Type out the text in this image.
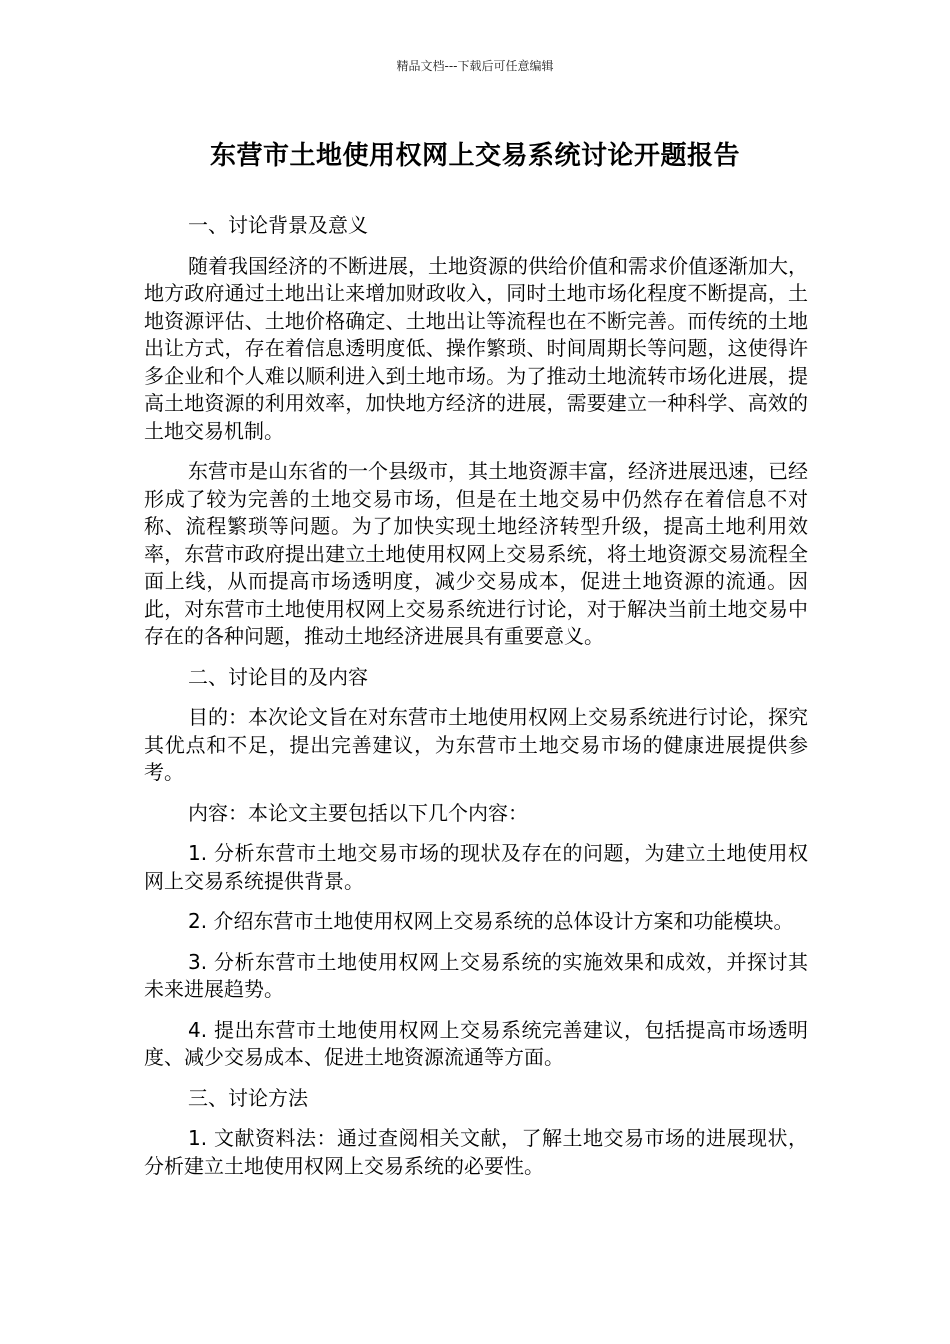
精品文档---下载后可任意编辑
东营市土地使用权网上交易系统讨论开题报告

一、讨论背景及意义

随着我国经济的不断进展，土地资源的供给价值和需求价值逐渐加大，地方政府通过土地出让来增加财政收入，同时土地市场化程度不断提高，土地资源评估、土地价格确定、土地出让等流程也在不断完善。而传统的土地出让方式，存在着信息透明度低、操作繁琐、时间周期长等问题，这使得许多企业和个人难以顺利进入到土地市场。为了推动土地流转市场化进展，提高土地资源的利用效率，加快地方经济的进展，需要建立一种科学、高效的土地交易机制。

东营市是山东省的一个县级市，其土地资源丰富，经济进展迅速，已经形成了较为完善的土地交易市场，但是在土地交易中仍然存在着信息不对称、流程繁琐等问题。为了加快实现土地经济转型升级，提高土地利用效率，东营市政府提出建立土地使用权网上交易系统，将土地资源交易流程全面上线，从而提高市场透明度，减少交易成本，促进土地资源的流通。因此，对东营市土地使用权网上交易系统进行讨论，对于解决当前土地交易中存在的各种问题，推动土地经济进展具有重要意义。

二、讨论目的及内容

目的：本次论文旨在对东营市土地使用权网上交易系统进行讨论，探究其优点和不足，提出完善建议，为东营市土地交易市场的健康进展提供参考。

内容：本论文主要包括以下几个内容：

1. 分析东营市土地交易市场的现状及存在的问题，为建立土地使用权网上交易系统提供背景。

2. 介绍东营市土地使用权网上交易系统的总体设计方案和功能模块。

3. 分析东营市土地使用权网上交易系统的实施效果和成效，并探讨其未来进展趋势。

4. 提出东营市土地使用权网上交易系统完善建议，包括提高市场透明度、减少交易成本、促进土地资源流通等方面。

三、讨论方法

1. 文献资料法：通过查阅相关文献，了解土地交易市场的进展现状，分析建立土地使用权网上交易系统的必要性。
